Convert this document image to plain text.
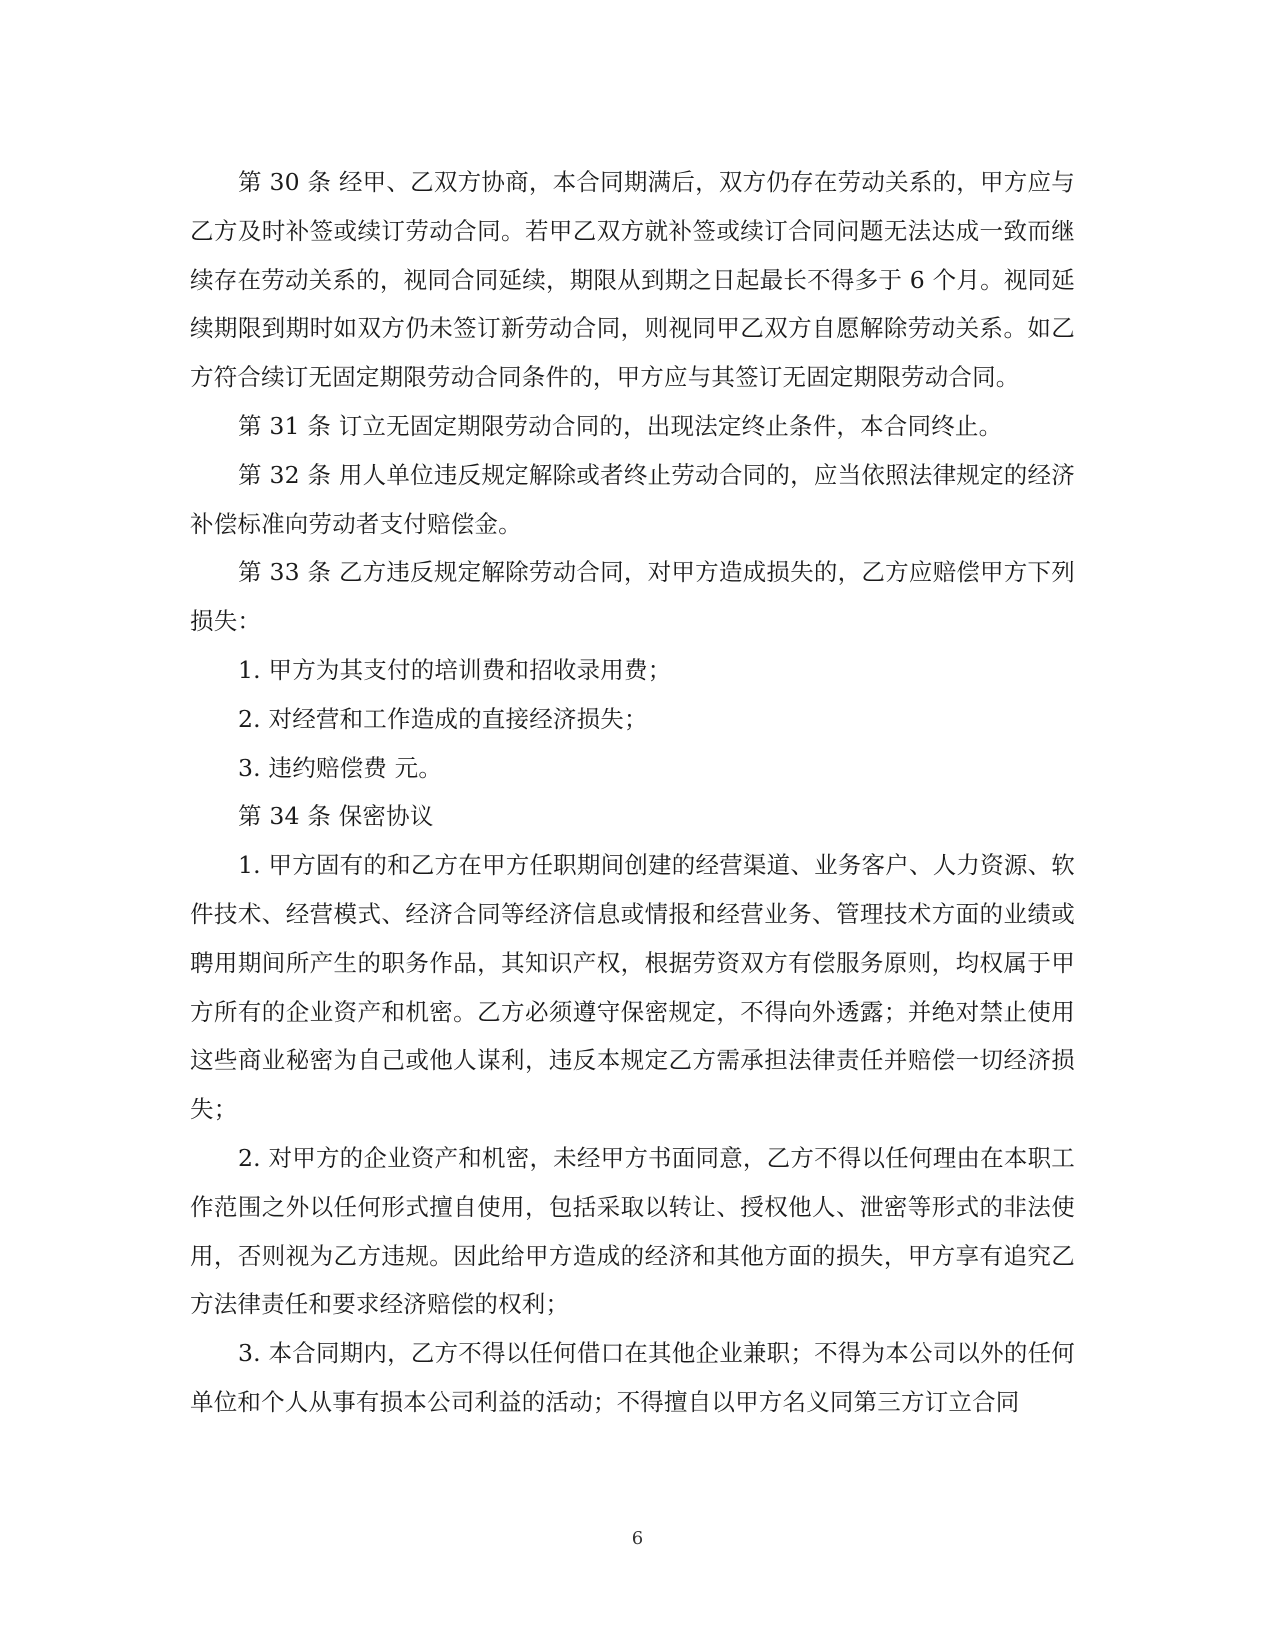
第 30 条 经甲、乙双方协商，本合同期满后，双方仍存在劳动关系的，甲方应与乙方及时补签或续订劳动合同。若甲乙双方就补签或续订合同问题无法达成一致而继续存在劳动关系的，视同合同延续，期限从到期之日起最长不得多于 6 个月。视同延续期限到期时如双方仍未签订新劳动合同，则视同甲乙双方自愿解除劳动关系。如乙方符合续订无固定期限劳动合同条件的，甲方应与其签订无固定期限劳动合同。

第 31 条 订立无固定期限劳动合同的，出现法定终止条件，本合同终止。

第 32 条 用人单位违反规定解除或者终止劳动合同的，应当依照法律规定的经济补偿标准向劳动者支付赔偿金。

第 33 条 乙方违反规定解除劳动合同，对甲方造成损失的，乙方应赔偿甲方下列损失：

1. 甲方为其支付的培训费和招收录用费；

2. 对经营和工作造成的直接经济损失；

3. 违约赔偿费 元。

第 34 条 保密协议

1. 甲方固有的和乙方在甲方任职期间创建的经营渠道、业务客户、人力资源、软件技术、经营模式、经济合同等经济信息或情报和经营业务、管理技术方面的业绩或聘用期间所产生的职务作品，其知识产权，根据劳资双方有偿服务原则，均权属于甲方所有的企业资产和机密。乙方必须遵守保密规定，不得向外透露；并绝对禁止使用这些商业秘密为自己或他人谋利，违反本规定乙方需承担法律责任并赔偿一切经济损失；

2. 对甲方的企业资产和机密，未经甲方书面同意，乙方不得以任何理由在本职工作范围之外以任何形式擅自使用，包括采取以转让、授权他人、泄密等形式的非法使用，否则视为乙方违规。因此给甲方造成的经济和其他方面的损失，甲方享有追究乙方法律责任和要求经济赔偿的权利；

3. 本合同期内，乙方不得以任何借口在其他企业兼职；不得为本公司以外的任何单位和个人从事有损本公司利益的活动；不得擅自以甲方名义同第三方订立合同

6
